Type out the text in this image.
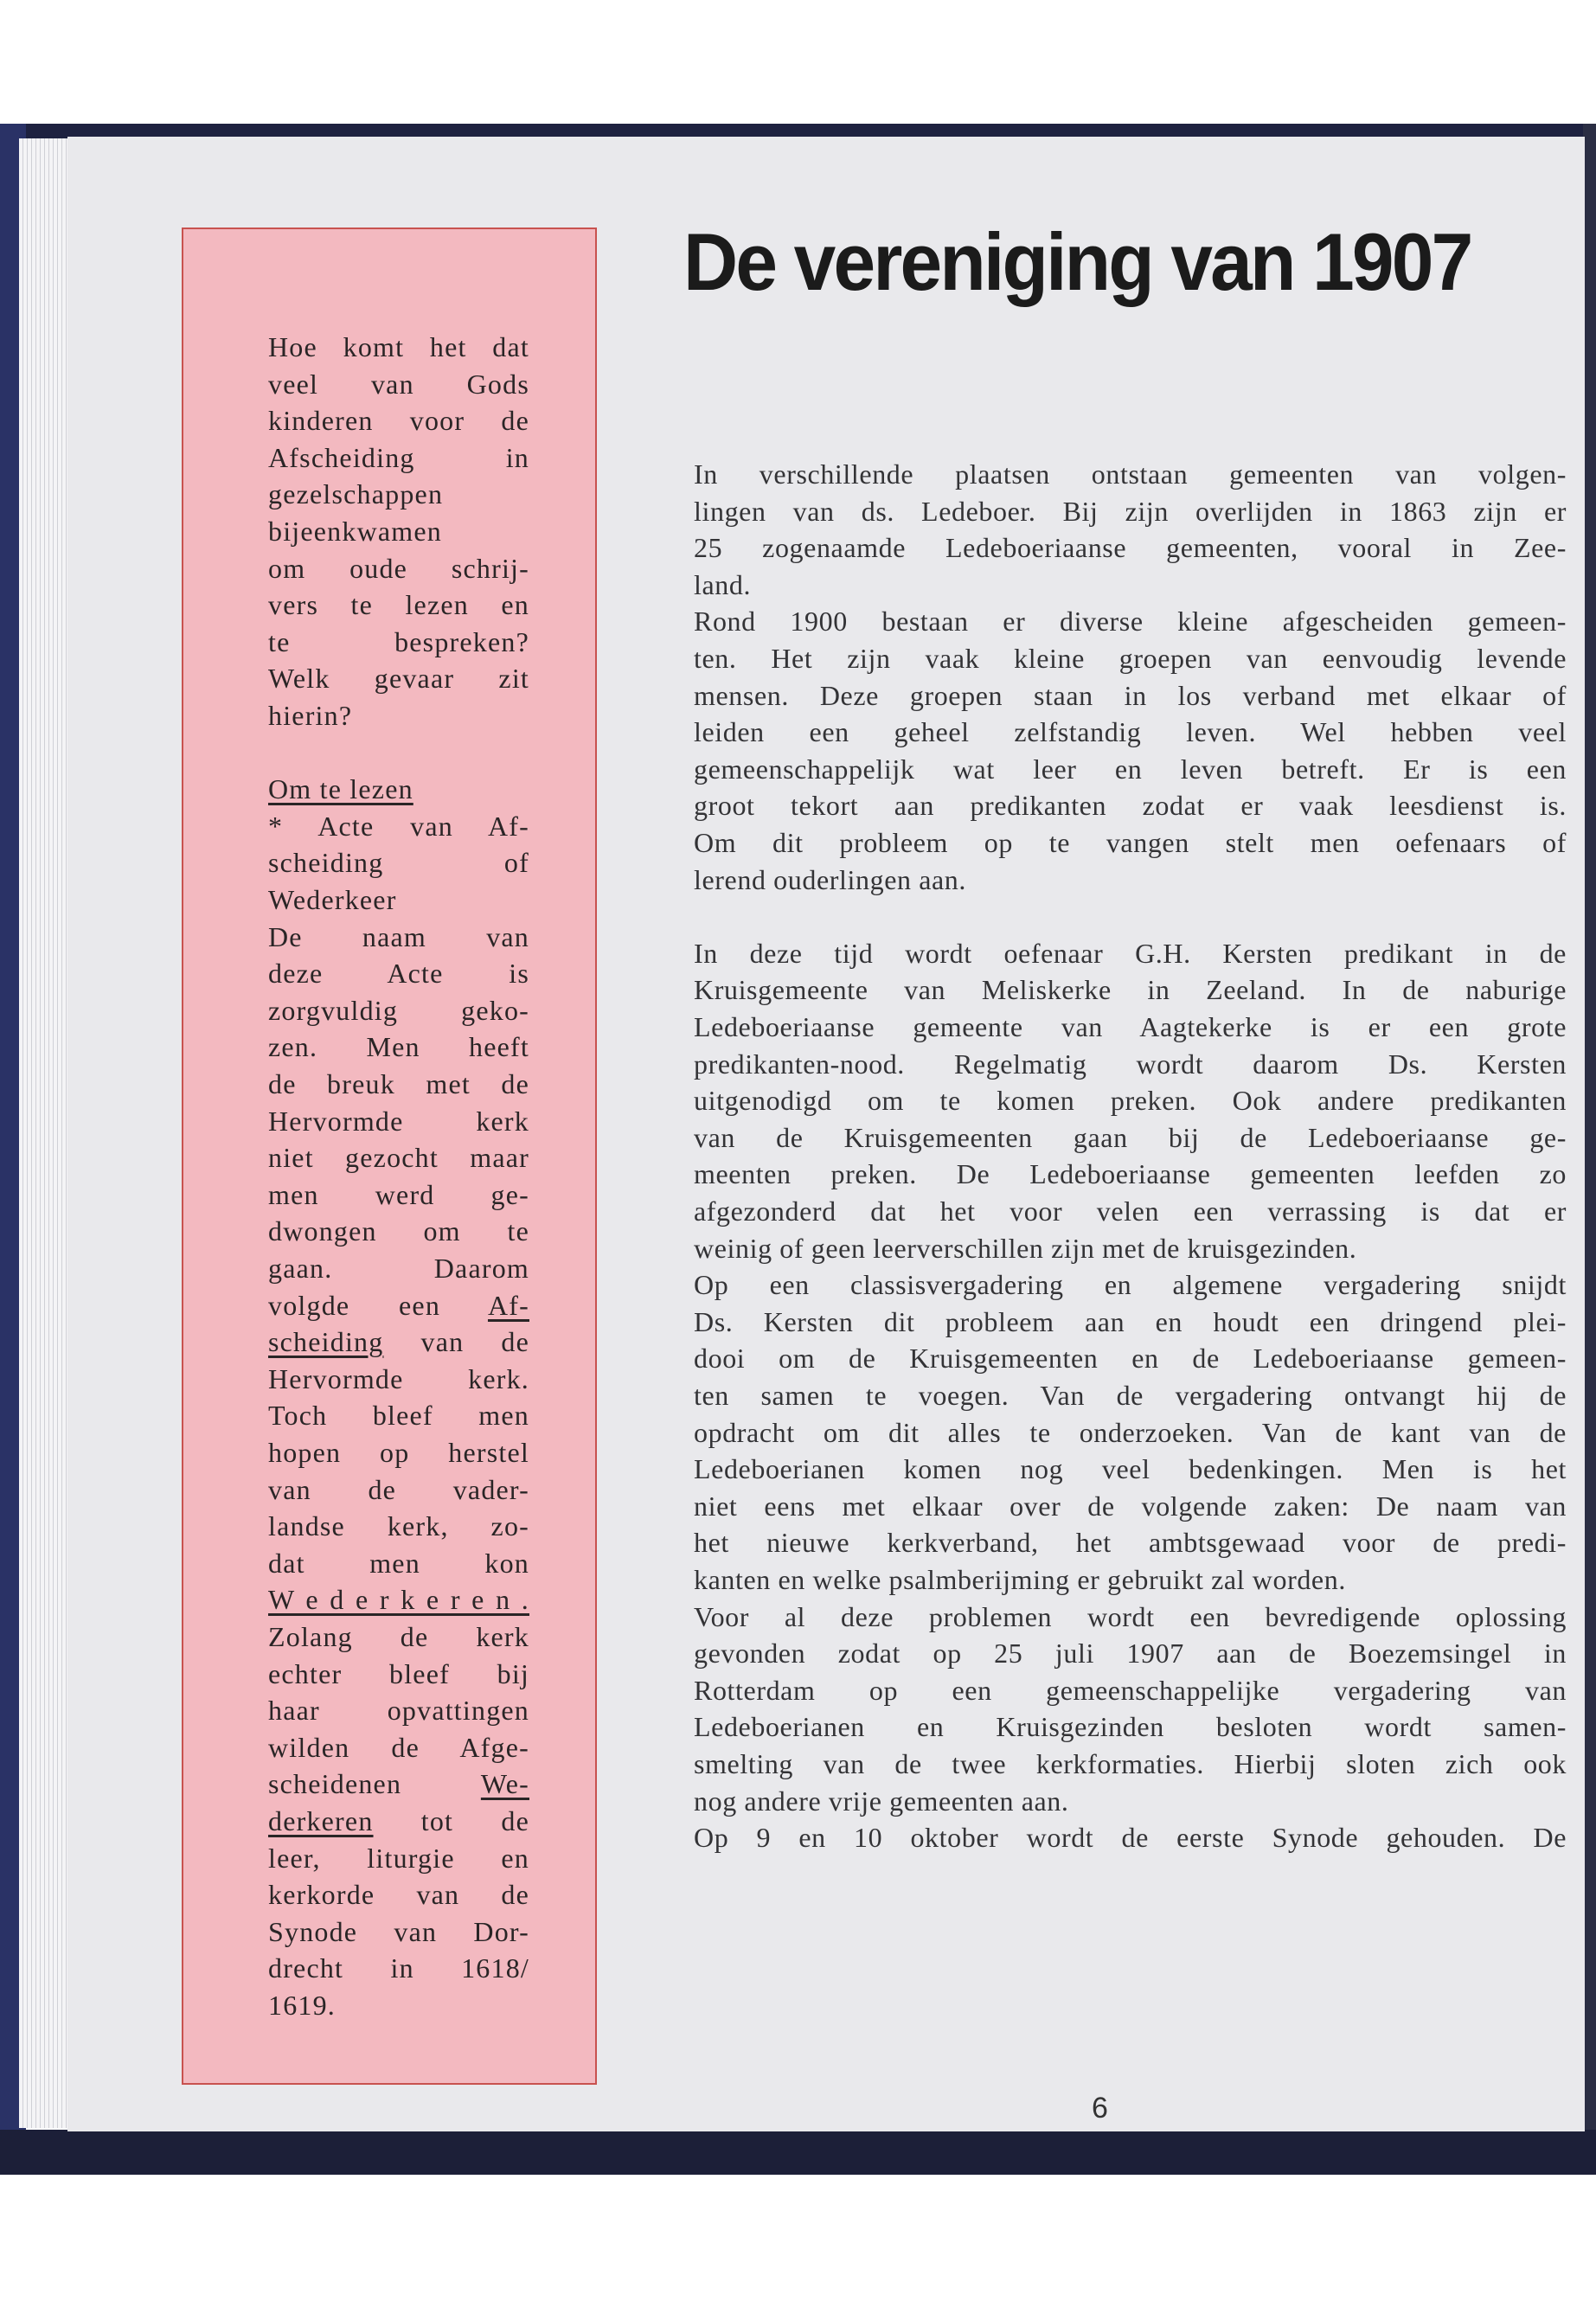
Hoe komt het dat
veel van Gods
kinderen voor de
Afscheiding in
gezelschappen
bijeenkwamen
om oude schrij-
vers te lezen en
te bespreken?
Welk gevaar zit
hierin?
Om te lezen
* Acte van Af-
scheiding of
Wederkeer
De naam van
deze Acte is
zorgvuldig geko-
zen. Men heeft
de breuk met de
Hervormde kerk
niet gezocht maar
men werd ge-
dwongen om te
gaan. Daarom
volgde een Af-
scheiding van de
Hervormde kerk.
Toch bleef men
hopen op herstel
van de vader-
landse kerk, zo-
dat men kon
W e d e r k e r e n .
Zolang de kerk
echter bleef bij
haar opvattingen
wilden de Afge-
scheidenen We-
derkeren tot de
leer, liturgie en
kerkorde van de
Synode van Dor-
drecht in 1618/
1619.
De vereniging van 1907
In verschillende plaatsen ontstaan gemeenten van volgen-
lingen van ds. Ledeboer. Bij zijn overlijden in 1863 zijn er
25 zogenaamde Ledeboeriaanse gemeenten, vooral in Zee-
land.
Rond 1900 bestaan er diverse kleine afgescheiden gemeen-
ten. Het zijn vaak kleine groepen van eenvoudig levende
mensen. Deze groepen staan in los verband met elkaar of
leiden een geheel zelfstandig leven. Wel hebben veel
gemeenschappelijk wat leer en leven betreft. Er is een
groot tekort aan predikanten zodat er vaak leesdienst is.
Om dit probleem op te vangen stelt men oefenaars of
lerend ouderlingen aan.
In deze tijd wordt oefenaar G.H. Kersten predikant in de
Kruisgemeente van Meliskerke in Zeeland. In de naburige
Ledeboeriaanse gemeente van Aagtekerke is er een grote
predikanten-nood. Regelmatig wordt daarom Ds. Kersten
uitgenodigd om te komen preken. Ook andere predikanten
van de Kruisgemeenten gaan bij de Ledeboeriaanse ge-
meenten preken. De Ledeboeriaanse gemeenten leefden zo
afgezonderd dat het voor velen een verrassing is dat er
weinig of geen leerverschillen zijn met de kruisgezinden.
Op een classisvergadering en algemene vergadering snijdt
Ds. Kersten dit probleem aan en houdt een dringend plei-
dooi om de Kruisgemeenten en de Ledeboeriaanse gemeen-
ten samen te voegen. Van de vergadering ontvangt hij de
opdracht om dit alles te onderzoeken. Van de kant van de
Ledeboerianen komen nog veel bedenkingen. Men is het
niet eens met elkaar over de volgende zaken: De naam van
het nieuwe kerkverband, het ambtsgewaad voor de predi-
kanten en welke psalmberijming er gebruikt zal worden.
Voor al deze problemen wordt een bevredigende oplossing
gevonden zodat op 25 juli 1907 aan de Boezemsingel in
Rotterdam op een gemeenschappelijke vergadering van
Ledeboerianen en Kruisgezinden besloten wordt samen-
smelting van de twee kerkformaties. Hierbij sloten zich ook
nog andere vrije gemeenten aan.
Op 9 en 10 oktober wordt de eerste Synode gehouden. De
6
